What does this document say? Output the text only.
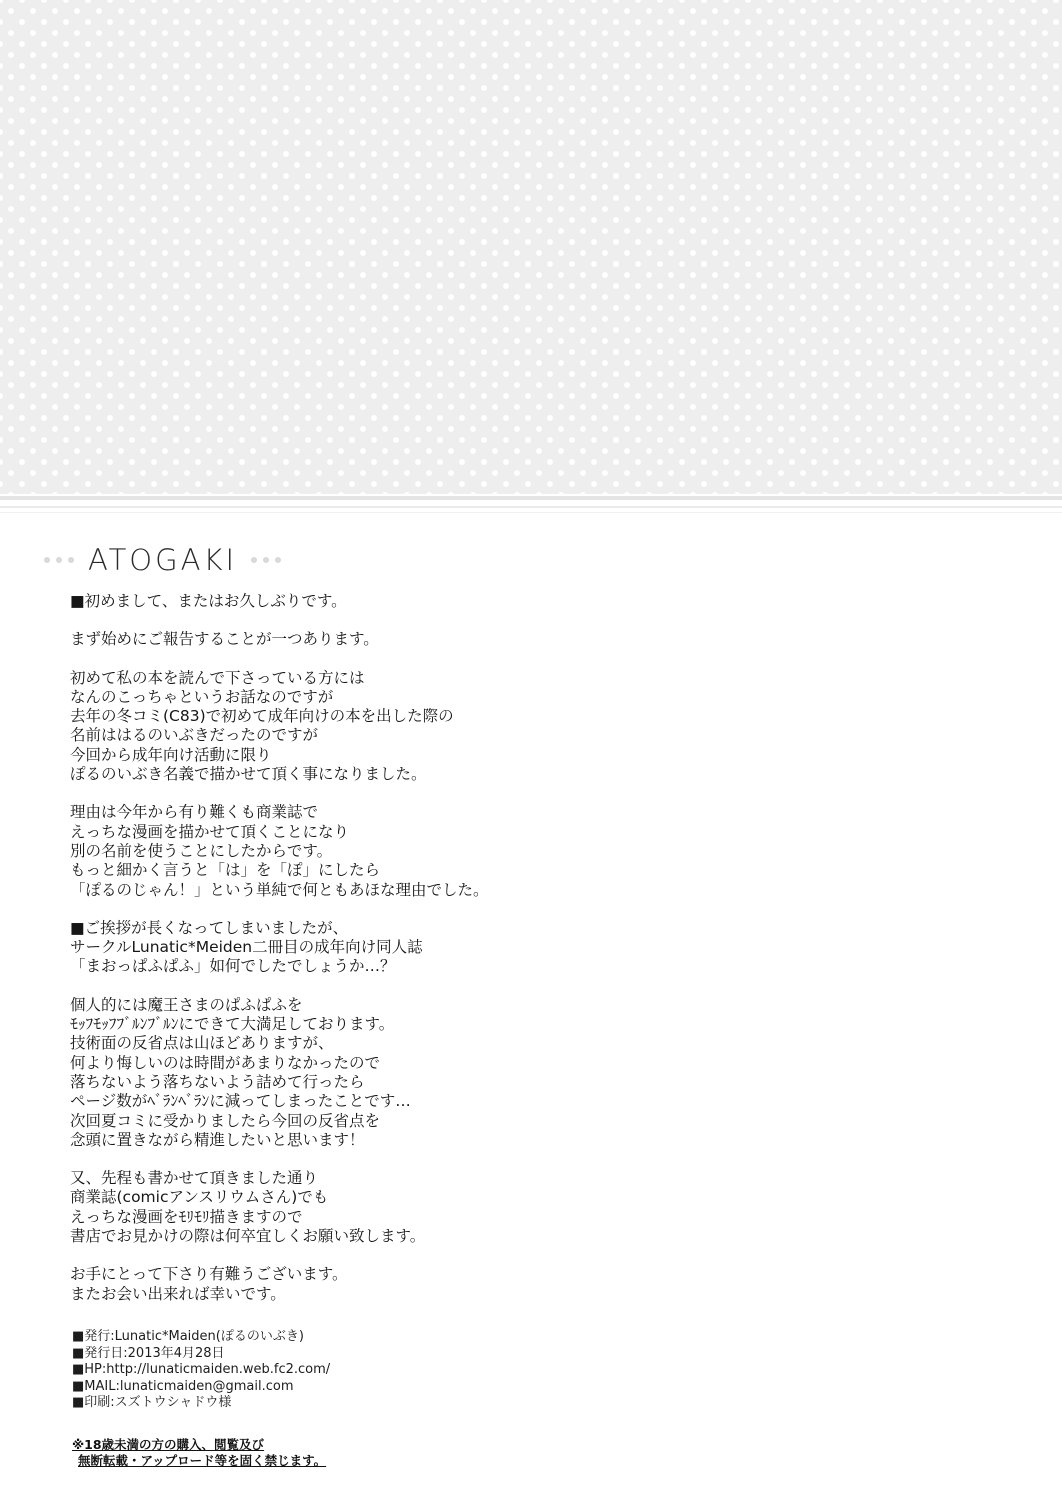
ATOGAKI
■初めまして、またはお久しぶりです。
まず始めにご報告することが一つあります。
初めて私の本を読んで下さっている方には
なんのこっちゃというお話なのですが
去年の冬コミ(C83)で初めて成年向けの本を出した際の
名前ははるのいぶきだったのですが
今回から成年向け活動に限り
ぽるのいぶき名義で描かせて頂く事になりました。
理由は今年から有り難くも商業誌で
えっちな漫画を描かせて頂くことになり
別の名前を使うことにしたからです。
もっと細かく言うと「は」を「ぽ」にしたら
「ぽるのじゃん！」という単純で何ともあほな理由でした。
■ご挨拶が長くなってしまいましたが、
サークルLunatic*Meiden二冊目の成年向け同人誌
「まおっぱふぱふ」如何でしたでしょうか…？
個人的には魔王さまのぱふぱふを
ﾓｯﾌﾓｯﾌﾌﾞﾙﾝﾌﾞﾙﾝにできて大満足しております。
技術面の反省点は山ほどありますが、
何より悔しいのは時間があまりなかったので
落ちないよう落ちないよう詰めて行ったら
ページ数がﾍﾞﾗﾝﾍﾞﾗﾝに減ってしまったことです…
次回夏コミに受かりましたら今回の反省点を
念頭に置きながら精進したいと思います！
又、先程も書かせて頂きました通り
商業誌(comicアンスリウムさん)でも
えっちな漫画をﾓﾘﾓﾘ描きますので
書店でお見かけの際は何卒宜しくお願い致します。
お手にとって下さり有難うございます。
またお会い出来れば幸いです。
■発行:Lunatic*Maiden(ぽるのいぶき)
■発行日:2013年4月28日
■HP:http://lunaticmaiden.web.fc2.com/
■MAIL:lunaticmaiden@gmail.com
■印刷:スズトウシャドウ様
※18歳未満の方の購入、閲覧及び
無断転載・アップロード等を固く禁じます。
